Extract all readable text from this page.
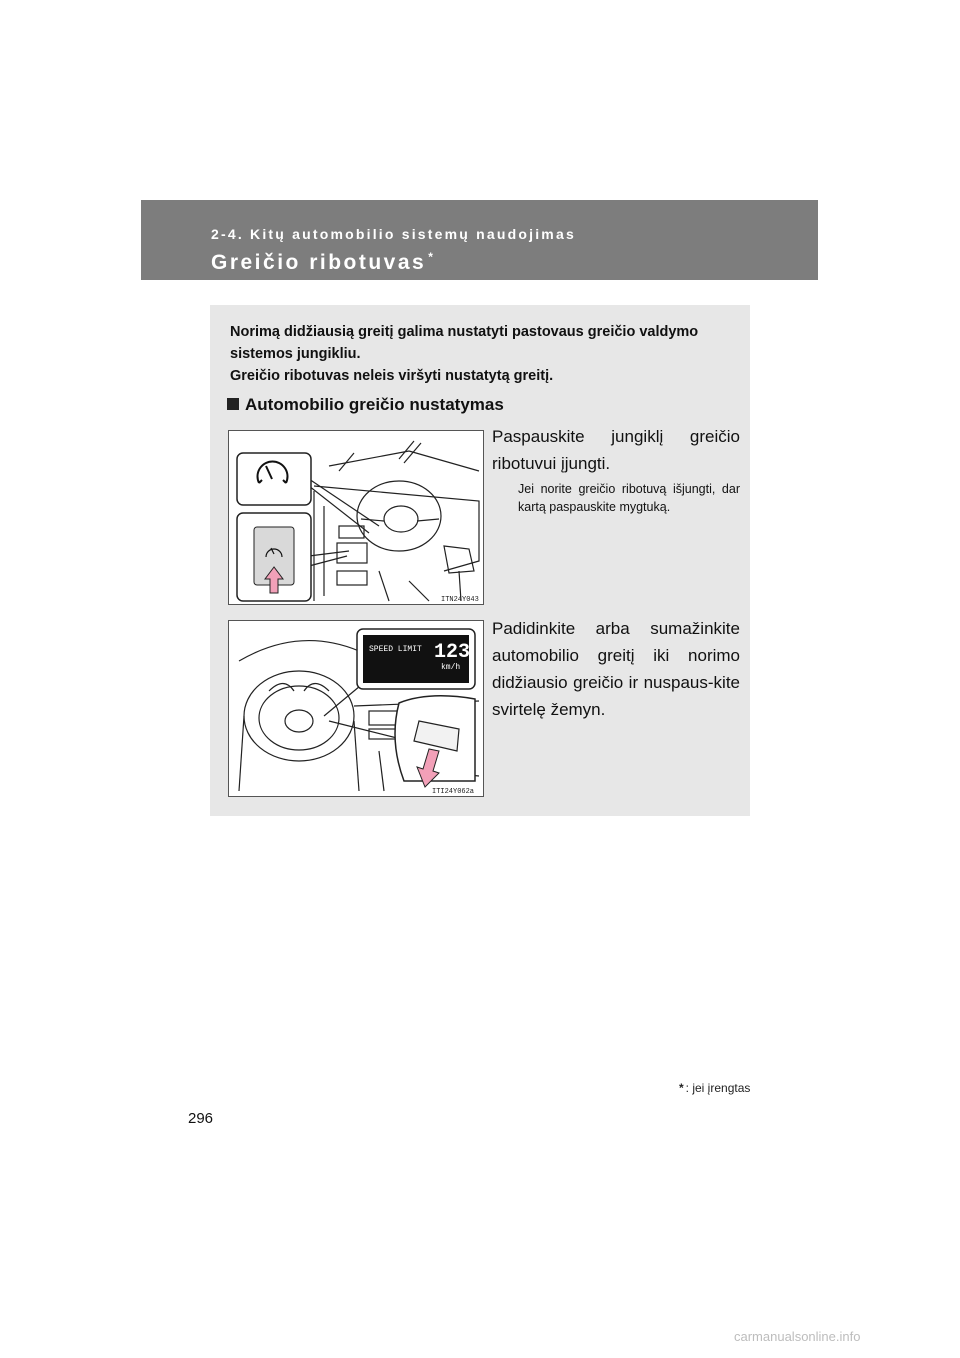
2-4. Kitų automobilio sistemų naudojimas
Greičio ribotuvas *

Norimą didžiausią greitį galima nustatyti pastovaus greičio valdymo sistemos jungikliu.

Greičio ribotuvas neleis viršyti nustatytą greitį.

Automobilio greičio nustatymas
ITN24Y043
Paspauskite jungiklį greičio ribotuvui įjungti.
Jei norite greičio ribotuvą išjungti, dar kartą paspauskite mygtuką.
SPEED LIMIT 123
km/h
ITI24Y062a
Padidinkite arba sumažinkite automobilio greitį iki norimo didžiausio greičio ir nuspaus-kite svirtelę žemyn.
* : jei įrengtas
296
carmanualsonline.info
